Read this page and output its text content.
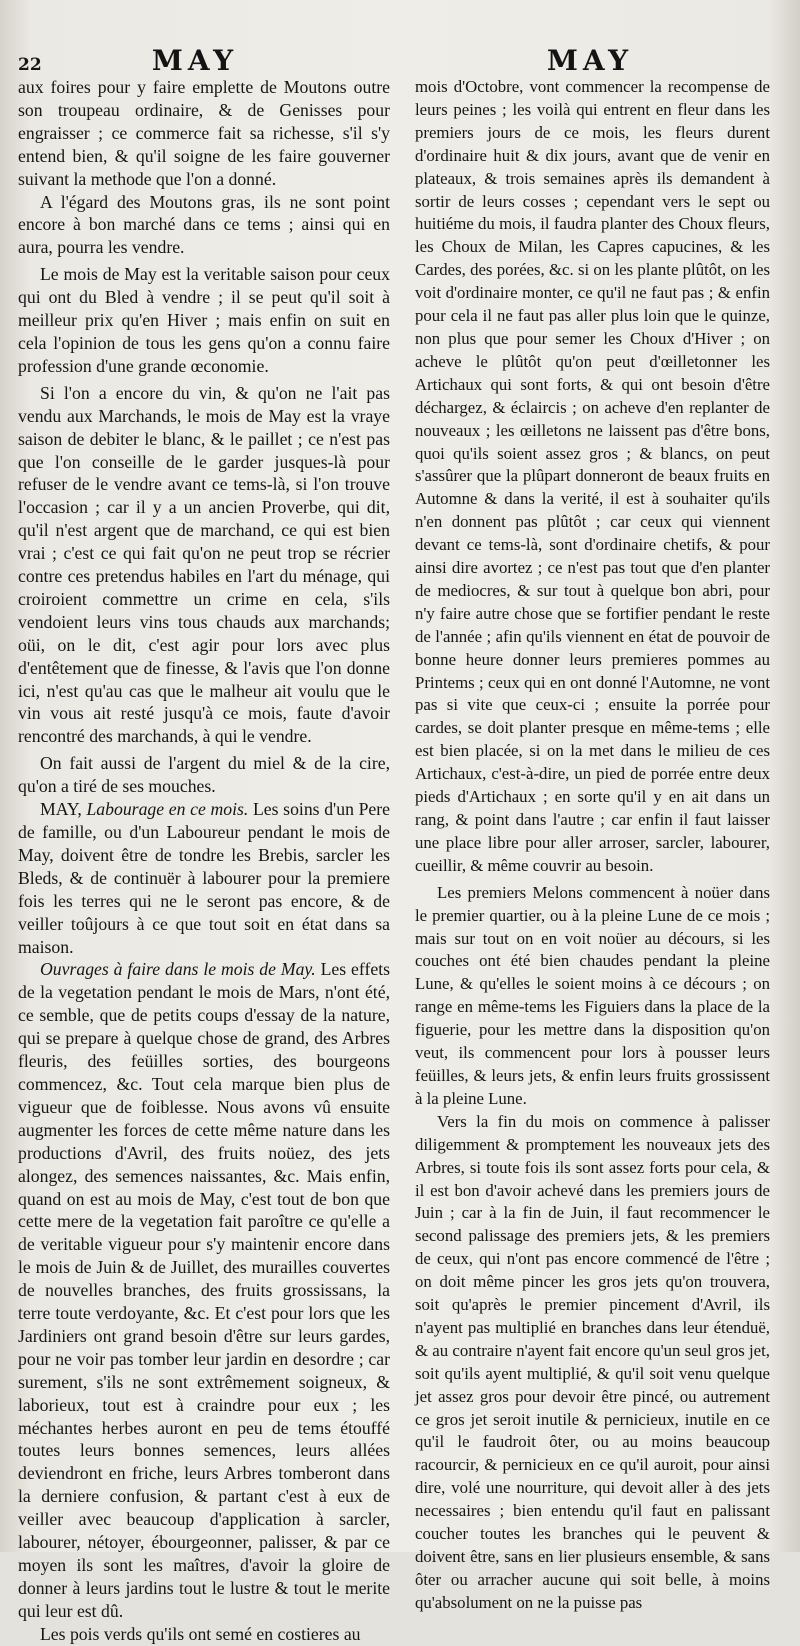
22	MAY	MAY

aux foires pour y faire emplette de Moutons outre son troupeau ordinaire, & de Genisses pour engraisser ; ce commerce fait sa richesse, s'il s'y entend bien, & qu'il soigne de les faire gouverner suivant la methode que l'on a donné.

A l'égard des Moutons gras, ils ne sont point encore à bon marché dans ce tems ; ainsi qui en aura, pourra les vendre.

Le mois de May est la veritable saison pour ceux qui ont du Bled à vendre ; il se peut qu'il soit à meilleur prix qu'en Hiver ; mais enfin on suit en cela l'opinion de tous les gens qu'on a connu faire profession d'une grande œconomie.

Si l'on a encore du vin, & qu'on ne l'ait pas vendu aux Marchands, le mois de May est la vraye saison de debiter le blanc, & le paillet ; ce n'est pas que l'on conseille de le garder jusques-là pour refuser de le vendre avant ce tems-là, si l'on trouve l'occasion ; car il y a un ancien Proverbe, qui dit, qu'il n'est argent que de marchand, ce qui est bien vrai ; c'est ce qui fait qu'on ne peut trop se récrier contre ces pretendus habiles en l'art du ménage, qui croiroient commettre un crime en cela, s'ils vendoient leurs vins tous chauds aux marchands; oüi, on le dit, c'est agir pour lors avec plus d'entêtement que de finesse, & l'avis que l'on donne ici, n'est qu'au cas que le malheur ait voulu que le vin vous ait resté jusqu'à ce mois, faute d'avoir rencontré des marchands, à qui le vendre.

On fait aussi de l'argent du miel & de la cire, qu'on a tiré de ses mouches.

MAY, Labourage en ce mois. Les soins d'un Pere de famille, ou d'un Laboureur pendant le mois de May, doivent être de tondre les Brebis, sarcler les Bleds, & de continuër à labourer pour la premiere fois les terres qui ne le seront pas encore, & de veiller toûjours à ce que tout soit en état dans sa maison.

Ouvrages à faire dans le mois de May. Les effets de la vegetation pendant le mois de Mars, n'ont été, ce semble, que de petits coups d'essay de la nature, qui se prepare à quelque chose de grand, des Arbres fleuris, des feüilles sorties, des bourgeons commencez, &c. Tout cela marque bien plus de vigueur que de foiblesse. Nous avons vû ensuite augmenter les forces de cette même nature dans les productions d'Avril, des fruits noüez, des jets alongez, des semences naissantes, &c. Mais enfin, quand on est au mois de May, c'est tout de bon que cette mere de la vegetation fait paroître ce qu'elle a de veritable vigueur pour s'y maintenir encore dans le mois de Juin & de Juillet, des murailles couvertes de nouvelles branches, des fruits grossissans, la terre toute verdoyante, &c. Et c'est pour lors que les Jardiniers ont grand besoin d'être sur leurs gardes, pour ne voir pas tomber leur jardin en desordre ; car surement, s'ils ne sont extrêmement soigneux, & laborieux, tout est à craindre pour eux ; les méchantes herbes auront en peu de tems étouffé toutes leurs bonnes semences, leurs allées deviendront en friche, leurs Arbres tomberont dans la derniere confusion, & partant c'est à eux de veiller avec beaucoup d'application à sarcler, labourer, nétoyer, ébourgeonner, palisser, & par ce moyen ils sont les maîtres, d'avoir la gloire de donner à leurs jardins tout le lustre & tout le merite qui leur est dû.

Les pois verds qu'ils ont semé en costieres au

mois d'Octobre, vont commencer la recompense de leurs peines ; les voilà qui entrent en fleur dans les premiers jours de ce mois, les fleurs durent d'ordinaire huit & dix jours, avant que de venir en plateaux, & trois semaines après ils demandent à sortir de leurs cosses ; cependant vers le sept ou huitiéme du mois, il faudra planter des Choux fleurs, les Choux de Milan, les Capres capucines, & les Cardes, des porées, &c. si on les plante plûtôt, on les voit d'ordinaire monter, ce qu'il ne faut pas ; & enfin pour cela il ne faut pas aller plus loin que le quinze, non plus que pour semer les Choux d'Hiver ; on acheve le plûtôt qu'on peut d'œilletonner les Artichaux qui sont forts, & qui ont besoin d'être déchargez, & éclaircis ; on acheve d'en replanter de nouveaux ; les œilletons ne laissent pas d'être bons, quoi qu'ils soient assez gros ; & blancs, on peut s'assûrer que la plûpart donneront de beaux fruits en Automne & dans la verité, il est à souhaiter qu'ils n'en donnent pas plûtôt ; car ceux qui viennent devant ce tems-là, sont d'ordinaire chetifs, & pour ainsi dire avortez ; ce n'est pas tout que d'en planter de mediocres, & sur tout à quelque bon abri, pour n'y faire autre chose que se fortifier pendant le reste de l'année ; afin qu'ils viennent en état de pouvoir de bonne heure donner leurs premieres pommes au Printems ; ceux qui en ont donné l'Automne, ne vont pas si vite que ceux-ci ; ensuite la porrée pour cardes, se doit planter presque en même-tems ; elle est bien placée, si on la met dans le milieu de ces Artichaux, c'est-à-dire, un pied de porrée entre deux pieds d'Artichaux ; en sorte qu'il y en ait dans un rang, & point dans l'autre ; car enfin il faut laisser une place libre pour aller arroser, sarcler, labourer, cueillir, & même couvrir au besoin.

Les premiers Melons commencent à noüer dans le premier quartier, ou à la pleine Lune de ce mois ; mais sur tout on en voit noüer au décours, si les couches ont été bien chaudes pendant la pleine Lune, & qu'elles le soient moins à ce décours ; on range en même-tems les Figuiers dans la place de la figuerie, pour les mettre dans la disposition qu'on veut, ils commencent pour lors à pousser leurs feüilles, & leurs jets, & enfin leurs fruits grossissent à la pleine Lune.

Vers la fin du mois on commence à palisser diligemment & promptement les nouveaux jets des Arbres, si toute fois ils sont assez forts pour cela, & il est bon d'avoir achevé dans les premiers jours de Juin ; car à la fin de Juin, il faut recommencer le second palissage des premiers jets, & les premiers de ceux, qui n'ont pas encore commencé de l'être ; on doit même pincer les gros jets qu'on trouvera, soit qu'après le premier pincement d'Avril, ils n'ayent pas multiplié en branches dans leur étenduë, & au contraire n'ayent fait encore qu'un seul gros jet, soit qu'ils ayent multiplié, & qu'il soit venu quelque jet assez gros pour devoir être pincé, ou autrement ce gros jet seroit inutile & pernicieux, inutile en ce qu'il le faudroit ôter, ou au moins beaucoup racourcir, & pernicieux en ce qu'il auroit, pour ainsi dire, volé une nourriture, qui devoit aller à des jets necessaires ; bien entendu qu'il faut en palissant coucher toutes les branches qui le peuvent & doivent être, sans en lier plusieurs ensemble, & sans ôter ou arracher aucune qui soit belle, à moins qu'absolument on ne la puisse pas
